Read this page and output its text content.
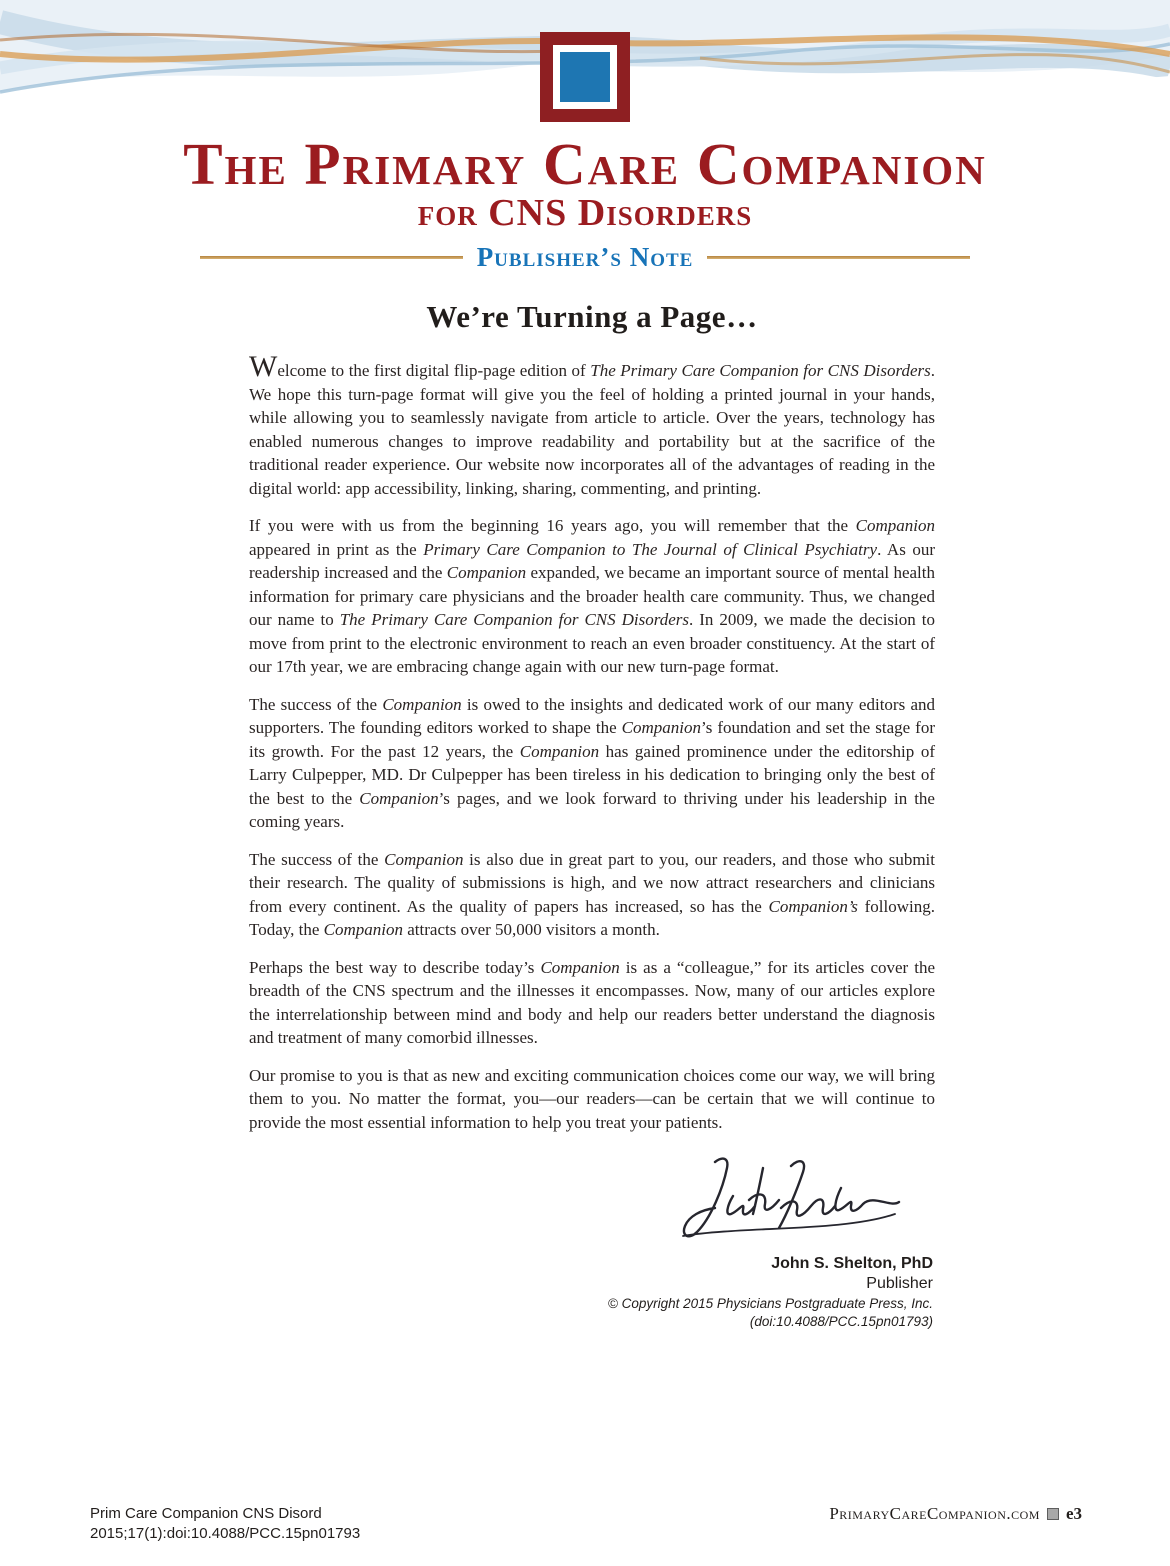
The Primary Care Companion
for CNS Disorders
Publisher’s Note
We’re Turning a Page…

Welcome to the first digital flip-page edition of The Primary Care Companion for CNS Disorders. We hope this turn-page format will give you the feel of holding a printed journal in your hands, while allowing you to seamlessly navigate from article to article. Over the years, technology has enabled numerous changes to improve readability and portability but at the sacrifice of the traditional reader experience. Our website now incorporates all of the advantages of reading in the digital world: app accessibility, linking, sharing, commenting, and printing.

If you were with us from the beginning 16 years ago, you will remember that the Companion appeared in print as the Primary Care Companion to The Journal of Clinical Psychiatry. As our readership increased and the Companion expanded, we became an important source of mental health information for primary care physicians and the broader health care community. Thus, we changed our name to The Primary Care Companion for CNS Disorders. In 2009, we made the decision to move from print to the electronic environment to reach an even broader constituency. At the start of our 17th year, we are embracing change again with our new turn-page format.

The success of the Companion is owed to the insights and dedicated work of our many editors and supporters. The founding editors worked to shape the Companion’s foundation and set the stage for its growth. For the past 12 years, the Companion has gained prominence under the editorship of Larry Culpepper, MD. Dr Culpepper has been tireless in his dedication to bringing only the best of the best to the Companion’s pages, and we look forward to thriving under his leadership in the coming years.

The success of the Companion is also due in great part to you, our readers, and those who submit their research. The quality of submissions is high, and we now attract researchers and clinicians from every continent. As the quality of papers has increased, so has the Companion’s following. Today, the Companion attracts over 50,000 visitors a month.

Perhaps the best way to describe today’s Companion is as a “colleague,” for its articles cover the breadth of the CNS spectrum and the illnesses it encompasses. Now, many of our articles explore the interrelationship between mind and body and help our readers better understand the diagnosis and treatment of many comorbid illnesses.

Our promise to you is that as new and exciting communication choices come our way, we will bring them to you. No matter the format, you—our readers—can be certain that we will continue to provide the most essential information to help you treat your patients.

John S. Shelton, PhD
Publisher
© Copyright 2015 Physicians Postgraduate Press, Inc.
(doi:10.4088/PCC.15pn01793)
Prim Care Companion CNS Disord
2015;17(1):doi:10.4088/PCC.15pn01793
PrimaryCareCompanion.com e3
